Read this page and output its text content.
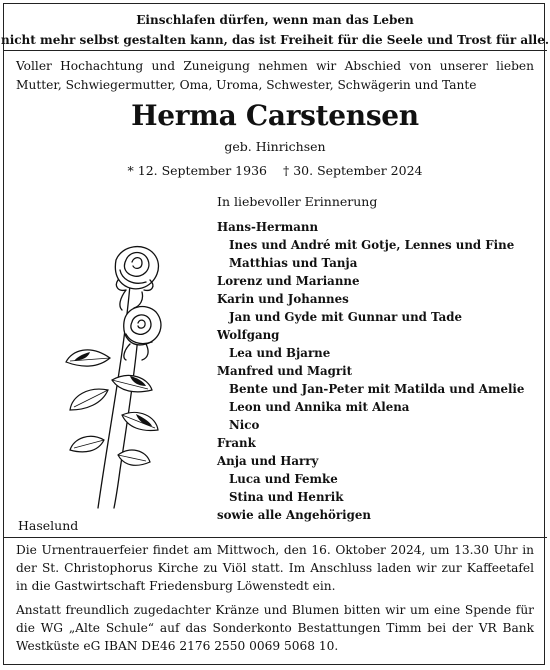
Einschlafen dürfen, wenn man das Leben
nicht mehr selbst gestalten kann, das ist Freiheit für die Seele und Trost für alle.
Voller Hochachtung und Zuneigung nehmen wir Abschied von unserer lieben
Mutter, Schwiegermutter, Oma, Uroma, Schwester, Schwägerin und Tante
Herma Carstensen
geb. Hinrichsen
* 12. September 1936 † 30. September 2024
In liebevoller Erinnerung
Hans-Hermann
Ines und André mit Gotje, Lennes und Fine
Matthias und Tanja
Lorenz und Marianne
Karin und Johannes
Jan und Gyde mit Gunnar und Tade
Wolfgang
Lea und Bjarne
Manfred und Magrit
Bente und Jan-Peter mit Matilda und Amelie
Leon und Annika mit Alena
Nico
Frank
Anja und Harry
Luca und Femke
Stina und Henrik
sowie alle Angehörigen
Haselund
Die Urnentrauerfeier findet am Mittwoch, den 16. Oktober 2024, um 13.30 Uhr in der St. Christophorus Kirche zu Viöl statt. Im Anschluss laden wir zur Kaffeetafel in die Gastwirtschaft Friedensburg Löwenstedt ein.
Anstatt freundlich zugedachter Kränze und Blumen bitten wir um eine Spende für die WG „Alte Schule“ auf das Sonderkonto Bestattungen Timm bei der VR Bank Westküste eG IBAN DE46 2176 2550 0069 5068 10.
